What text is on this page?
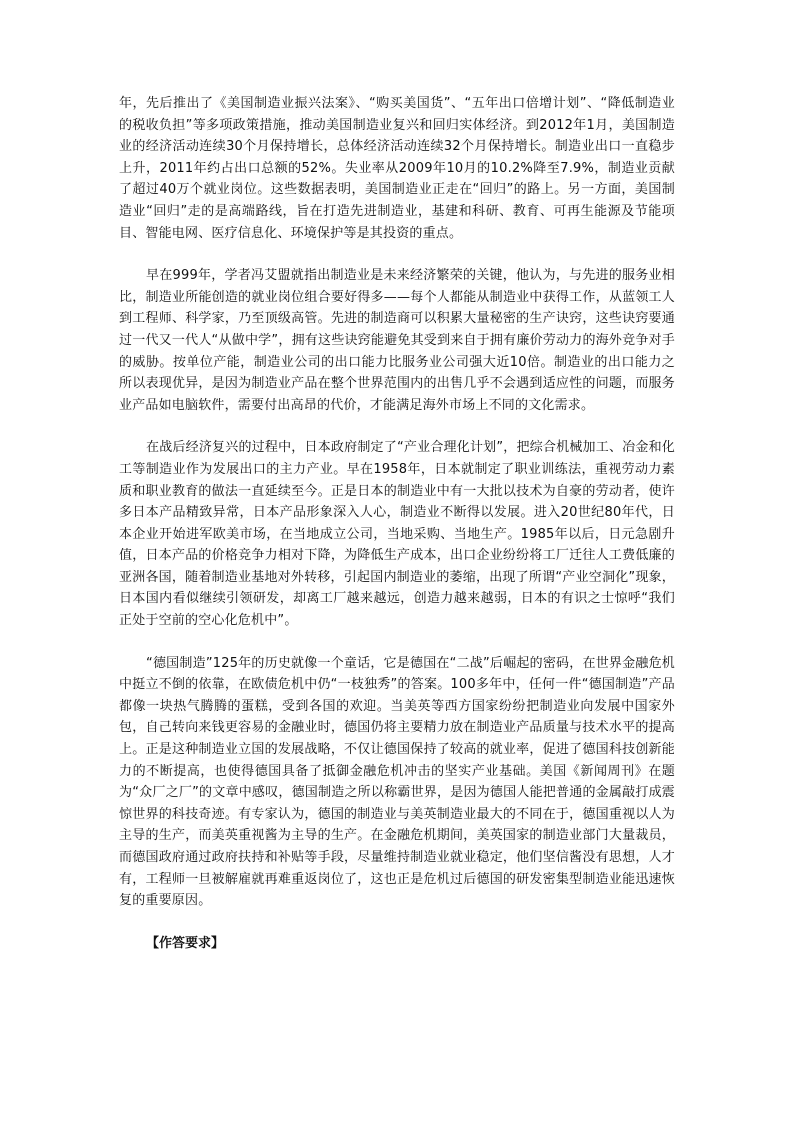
年，先后推出了《美国制造业振兴法案》、“购买美国货”、“五年出口倍增计划”、“降低制造业的税收负担”等多项政策措施，推动美国制造业复兴和回归实体经济。到2012年1月，美国制造业的经济活动连续30个月保持增长，总体经济活动连续32个月保持增长。制造业出口一直稳步上升，2011年约占出口总额的52%。失业率从2009年10月的10.2%降至7.9%，制造业贡献了超过40万个就业岗位。这些数据表明，美国制造业正走在“回归”的路上。另一方面，美国制造业“回归”走的是高端路线，旨在打造先进制造业，基建和科研、教育、可再生能源及节能项目、智能电网、医疗信息化、环境保护等是其投资的重点。

早在999年，学者冯艾盟就指出制造业是未来经济繁荣的关键，他认为，与先进的服务业相比，制造业所能创造的就业岗位组合要好得多——每个人都能从制造业中获得工作，从蓝领工人到工程师、科学家，乃至顶级高管。先进的制造商可以积累大量秘密的生产诀窍，这些诀窍要通过一代又一代人“从做中学”，拥有这些诀窍能避免其受到来自于拥有廉价劳动力的海外竞争对手的威胁。按单位产能，制造业公司的出口能力比服务业公司强大近10倍。制造业的出口能力之所以表现优异，是因为制造业产品在整个世界范围内的出售几乎不会遇到适应性的问题，而服务业产品如电脑软件，需要付出高昂的代价，才能满足海外市场上不同的文化需求。

在战后经济复兴的过程中，日本政府制定了“产业合理化计划”，把综合机械加工、冶金和化工等制造业作为发展出口的主力产业。早在1958年，日本就制定了职业训练法，重视劳动力素质和职业教育的做法一直延续至今。正是日本的制造业中有一大批以技术为自豪的劳动者，使许多日本产品精致异常，日本产品形象深入人心，制造业不断得以发展。进入20世纪80年代，日本企业开始进军欧美市场，在当地成立公司，当地采购、当地生产。1985年以后，日元急剧升值，日本产品的价格竞争力相对下降，为降低生产成本，出口企业纷纷将工厂迁往人工费低廉的亚洲各国，随着制造业基地对外转移，引起国内制造业的萎缩，出现了所谓“产业空洞化”现象，日本国内看似继续引领研发，却离工厂越来越远，创造力越来越弱，日本的有识之士惊呼“我们正处于空前的空心化危机中”。

“德国制造”125年的历史就像一个童话，它是德国在“二战”后崛起的密码，在世界金融危机中挺立不倒的依靠，在欧债危机中仍“一枝独秀”的答案。100多年中，任何一件“德国制造”产品都像一块热气腾腾的蛋糕，受到各国的欢迎。当美英等西方国家纷纷把制造业向发展中国家外包，自己转向来钱更容易的金融业时，德国仍将主要精力放在制造业产品质量与技术水平的提高上。正是这种制造业立国的发展战略，不仅让德国保持了较高的就业率，促进了德国科技创新能力的不断提高，也使得德国具备了抵御金融危机冲击的坚实产业基础。美国《新闻周刊》在题为“众厂之厂”的文章中感叹，德国制造之所以称霸世界，是因为德国人能把普通的金属敲打成震惊世界的科技奇迹。有专家认为，德国的制造业与美英制造业最大的不同在于，德国重视以人为主导的生产，而美英重视酱为主导的生产。在金融危机期间，美英国家的制造业部门大量裁员，而德国政府通过政府扶持和补贴等手段，尽量维持制造业就业稳定，他们坚信酱没有思想，人才有，工程师一旦被解雇就再难重返岗位了，这也正是危机过后德国的研发密集型制造业能迅速恢复的重要原因。

【作答要求】
